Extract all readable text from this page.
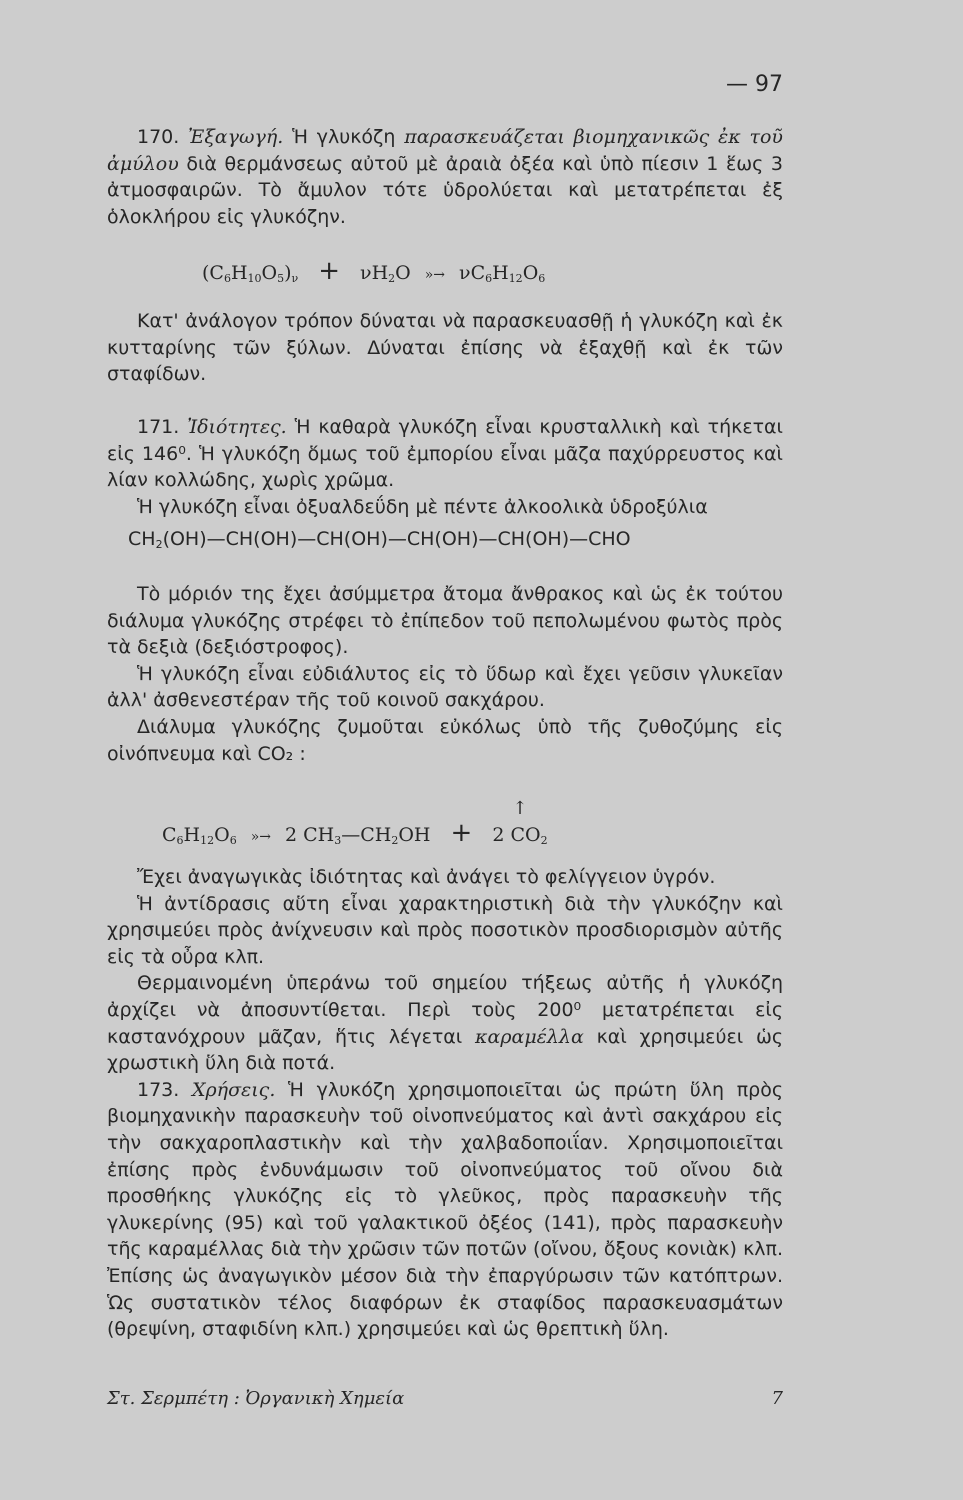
— 97

170. Ἐξαγωγή. Ἡ γλυκόζη παρασκευάζεται βιομηχανικῶς ἐκ τοῦ ἀμύλου διὰ θερμάνσεως αὐτοῦ μὲ ἀραιὰ ὀξέα καὶ ὑπὸ πίεσιν 1 ἕως 3 ἀτμοσφαιρῶν. Τὸ ἄμυλον τότε ὑδρολύεται καὶ μετατρέπεται ἐξ ὁλοκλήρου εἰς γλυκόζην.

$(C_6H_{10}O_5)_\nu + \nu H_2O$ »→ $\nu C_6H_{12}O_6$

Κατ' ἀνάλογον τρόπον δύναται νὰ παρασκευασθῇ ἡ γλυκόζη καὶ ἐκ κυτταρίνης τῶν ξύλων. Δύναται ἐπίσης νὰ ἐξαχθῇ καὶ ἐκ τῶν σταφίδων.

171. Ἰδιότητες. Ἡ καθαρὰ γλυκόζη εἶναι κρυσταλλικὴ καὶ τήκεται εἰς 146⁰. Ἡ γλυκόζη ὅμως τοῦ ἐμπορίου εἶναι μᾶζα παχύρρευστος καὶ λίαν κολλώδης, χωρὶς χρῶμα.

Ἡ γλυκόζη εἶναι ὀξυαλδεΰδη μὲ πέντε ἀλκοολικὰ ὑδροξύλια

$CH_2(OH)—CH(OH)—CH(OH)—CH(OH)—CH(OH)—CHO$

Τὸ μόριόν της ἔχει ἀσύμμετρα ἄτομα ἄνθρακος καὶ ὡς ἐκ τούτου διάλυμα γλυκόζης στρέφει τὸ ἐπίπεδον τοῦ πεπολωμένου φωτὸς πρὸς τὰ δεξιὰ (δεξιόστροφος).

Ἡ γλυκόζη εἶναι εὐδιάλυτος εἰς τὸ ὕδωρ καὶ ἔχει γεῦσιν γλυκεῖαν ἀλλ' ἀσθενεστέραν τῆς τοῦ κοινοῦ σακχάρου.

Διάλυμα γλυκόζης ζυμοῦται εὐκόλως ὑπὸ τῆς ζυθοζύμης εἰς οἰνόπνευμα καὶ CO₂ :

$C_6H_{12}O_6$ »→ 2 $CH_3—CH_2OH$ +
↑
2 $CO_2$

Ἔχει ἀναγωγικὰς ἰδιότητας καὶ ἀνάγει τὸ φελίγγειον ὑγρόν.

Ἡ ἀντίδρασις αὕτη εἶναι χαρακτηριστικὴ διὰ τὴν γλυκόζην καὶ χρησιμεύει πρὸς ἀνίχνευσιν καὶ πρὸς ποσοτικὸν προσδιορισμὸν αὐτῆς εἰς τὰ οὖρα κλπ.

Θερμαινομένη ὑπεράνω τοῦ σημείου τήξεως αὐτῆς ἡ γλυκόζη ἀρχίζει νὰ ἀποσυντίθεται. Περὶ τοὺς 200⁰ μετατρέπεται εἰς καστανόχρουν μᾶζαν, ἥτις λέγεται καραμέλλα καὶ χρησιμεύει ὡς χρωστικὴ ὕλη διὰ ποτά.

173. Χρήσεις. Ἡ γλυκόζη χρησιμοποιεῖται ὡς πρώτη ὕλη πρὸς βιομηχανικὴν παρασκευὴν τοῦ οἰνοπνεύματος καὶ ἀντὶ σακχάρου εἰς τὴν σακχαροπλαστικὴν καὶ τὴν χαλβαδοποιΐαν. Χρησιμοποιεῖται ἐπίσης πρὸς ἐνδυνάμωσιν τοῦ οἰνοπνεύματος τοῦ οἴνου διὰ προσθήκης γλυκόζης εἰς τὸ γλεῦκος, πρὸς παρασκευὴν τῆς γλυκερίνης (95) καὶ τοῦ γαλακτικοῦ ὀξέος (141), πρὸς παρασκευὴν τῆς καραμέλλας διὰ τὴν χρῶσιν τῶν ποτῶν (οἴνου, ὄξους κονιὰκ) κλπ. Ἐπίσης ὡς ἀναγωγικὸν μέσον διὰ τὴν ἐπαργύρωσιν τῶν κατόπτρων. Ὡς συστατικὸν τέλος διαφόρων ἐκ σταφίδος παρασκευασμάτων (θρεψίνη, σταφιδίνη κλπ.) χρησιμεύει καὶ ὡς θρεπτικὴ ὕλη.

Στ. Σερμπέτη : Ὀργανικὴ Χημεία	7
